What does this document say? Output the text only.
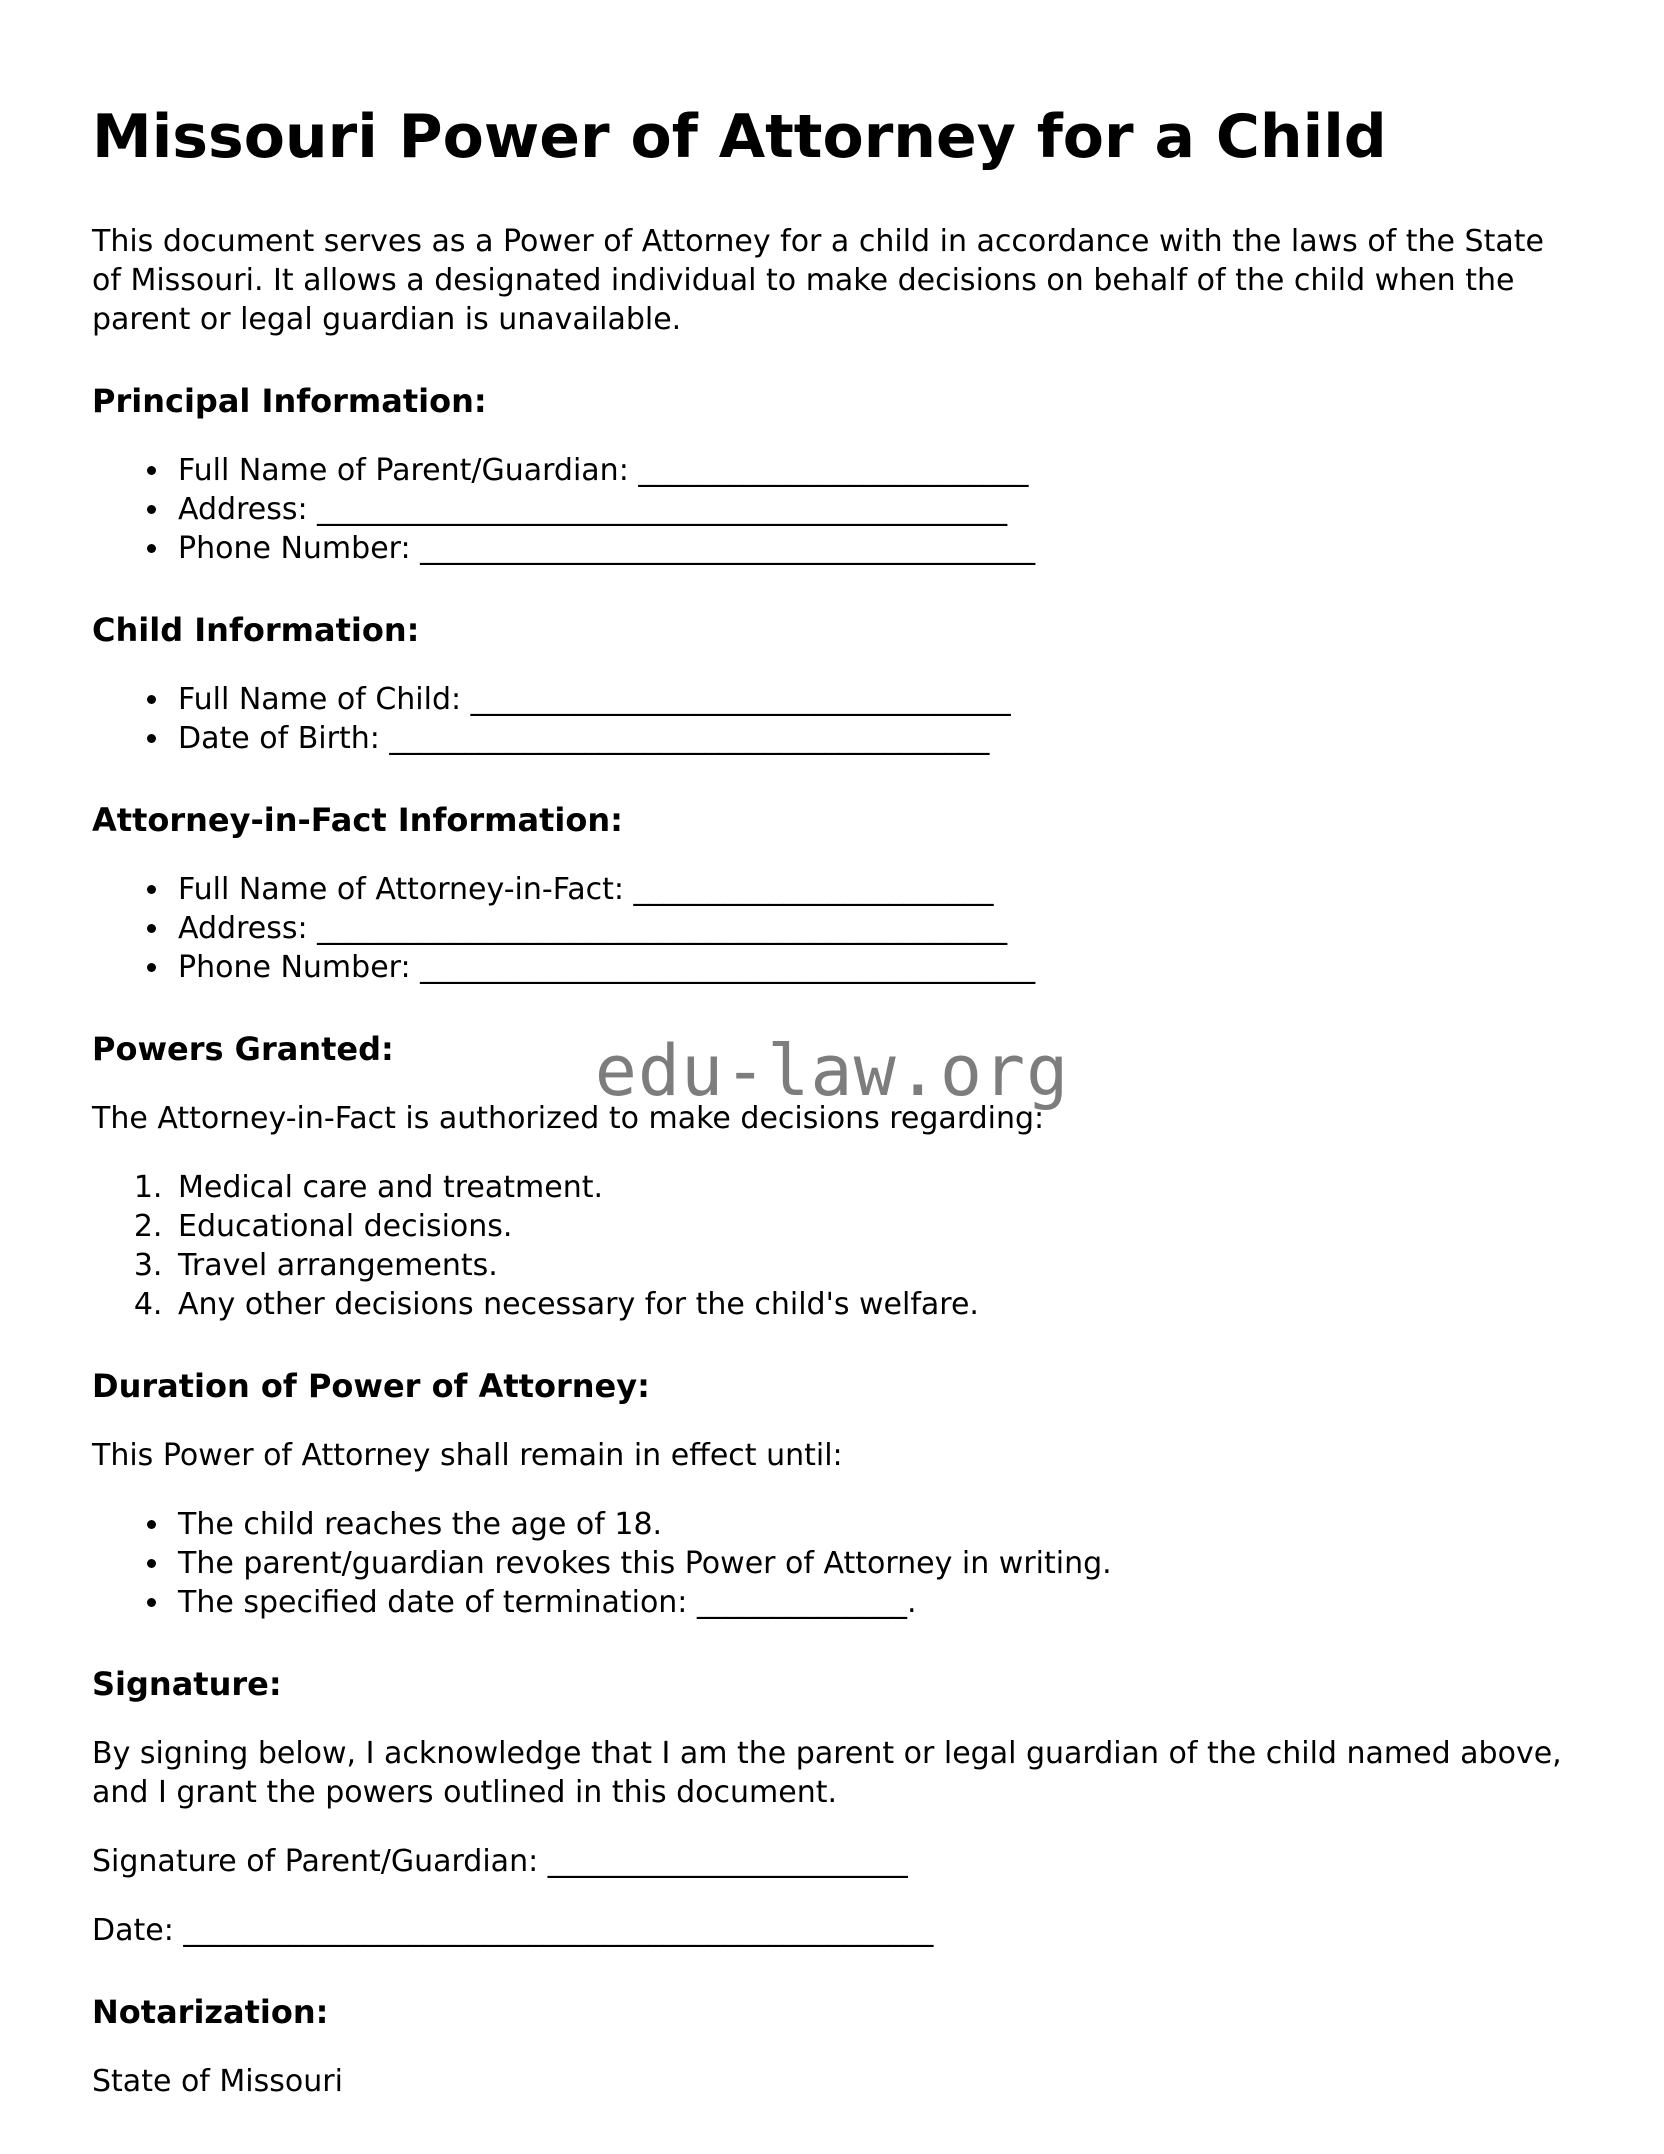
edu-law.org
Missouri Power of Attorney for a Child

This document serves as a Power of Attorney for a child in accordance with the laws of the State of Missouri. It allows a designated individual to make decisions on behalf of the child when the parent or legal guardian is unavailable.

Principal Information:
• Full Name of Parent/Guardian: __________________________
• Address: ______________________________________________
• Phone Number: _________________________________________
Child Information:
• Full Name of Child: ____________________________________
• Date of Birth: ________________________________________
Attorney-in-Fact Information:
• Full Name of Attorney-in-Fact: ________________________
• Address: ______________________________________________
• Phone Number: _________________________________________
Powers Granted:

The Attorney-in-Fact is authorized to make decisions regarding:

1. Medical care and treatment.
2. Educational decisions.
3. Travel arrangements.
4. Any other decisions necessary for the child's welfare.
Duration of Power of Attorney:

This Power of Attorney shall remain in effect until:

• The child reaches the age of 18.
• The parent/guardian revokes this Power of Attorney in writing.
• The specified date of termination: ______________.
Signature:

By signing below, I acknowledge that I am the parent or legal guardian of the child named above, and I grant the powers outlined in this document.

Signature of Parent/Guardian: ________________________

Date: __________________________________________________

Notarization:

State of Missouri
